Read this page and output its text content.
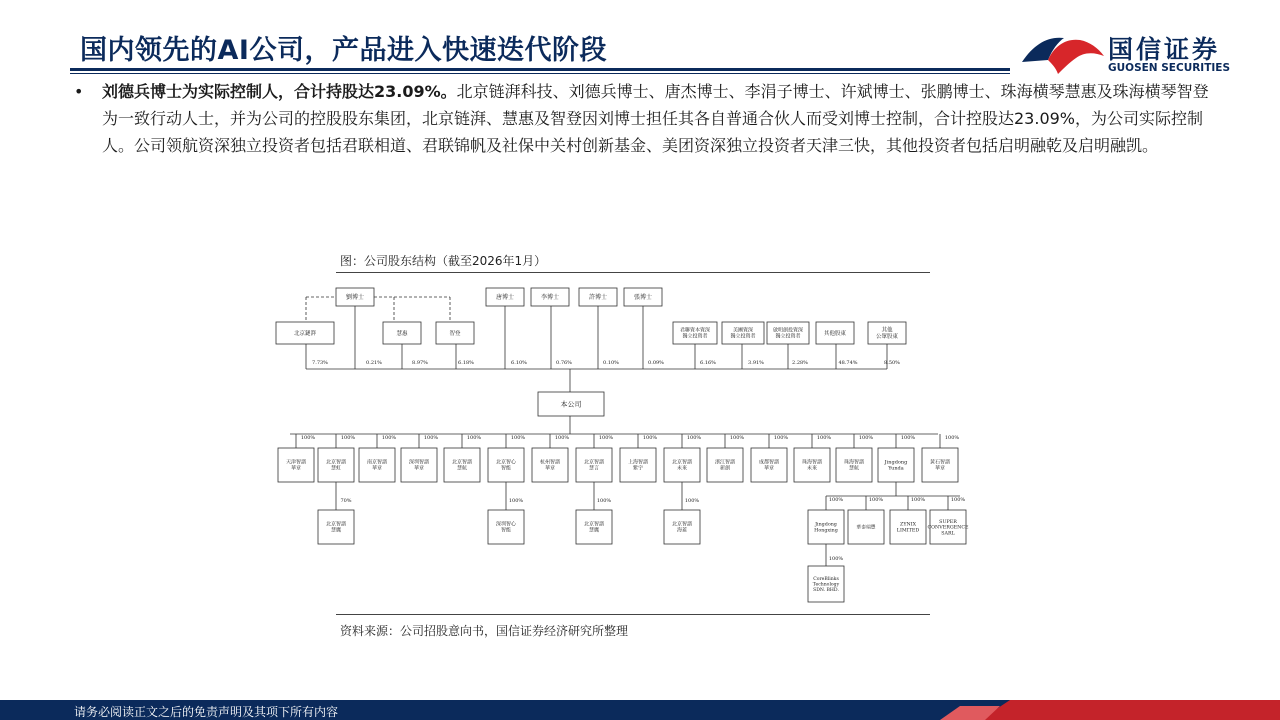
国内领先的AI公司，产品进入快速迭代阶段	国信证券
GUOSEN SECURITIES
• 刘德兵博士为实际控制人，合计持股达23.09%。北京链湃科技、刘德兵博士、唐杰博士、李涓子博士、许斌博士、张鹏博士、珠海横琴慧惠及珠海横琴智登为一致行动人士，并为公司的控股股东集团，北京链湃、慧惠及智登因刘博士担任其各自普通合伙人而受刘博士控制，合计控股达23.09%，为公司实际控制人。公司领航资深独立投资者包括君联相道、君联锦帆及社保中关村创新基金、美团资深独立投资者天津三快，其他投资者包括启明融乾及启明融凯。
图：公司股东结构（截至2026年1月）
劉博士	唐博士	李博士	許博士	張博士
北京鏈湃	慧惠	智登
君聯資本資深
獨立投資者
美團資深
獨立投資者
啟明創投資深
獨立投資者	其他股東
其他
公眾股東
7.73%	0.21%	8.97%	6.18%	6.10%	0.76%	0.10%	0.09%	6.16%	3.91%	2.28%	48.74%	8.50%
本公司
100%
天津智譜
華章
100%
北京智譜
慧虹
100%
南京智譜
華章
100%
深圳智譜
華章
100%
北京智譜
慧航
100%
北京智心
智能
100%
杭州智譜
華章
100%
北京智譜
慧言
100%
上海智譜
紫宇
100%
北京智譜
未來
100%
浙江智譜
新創
100%
成都智譜
華章
100%
珠海智譜
未來
100%
珠海智譜
慧航
100%
Jingdong
Yunda
100%
黃石智譜
華章
70%
北京智譜
慧鷹
100%
深圳智心
智能
100%
北京智譜
慧鷹
100%
北京智譜
海蓋
100%
Jingdong
Hongxing
100%
華泰瑞豐
100%
ZYNIX
LIMITED
100%
SUPER
CONVERGENCE
SARL
100%
CoreBlinks
Technology
SDN. BHD.
资料来源：公司招股意向书，国信证券经济研究所整理
请务必阅读正文之后的免责声明及其项下所有内容
